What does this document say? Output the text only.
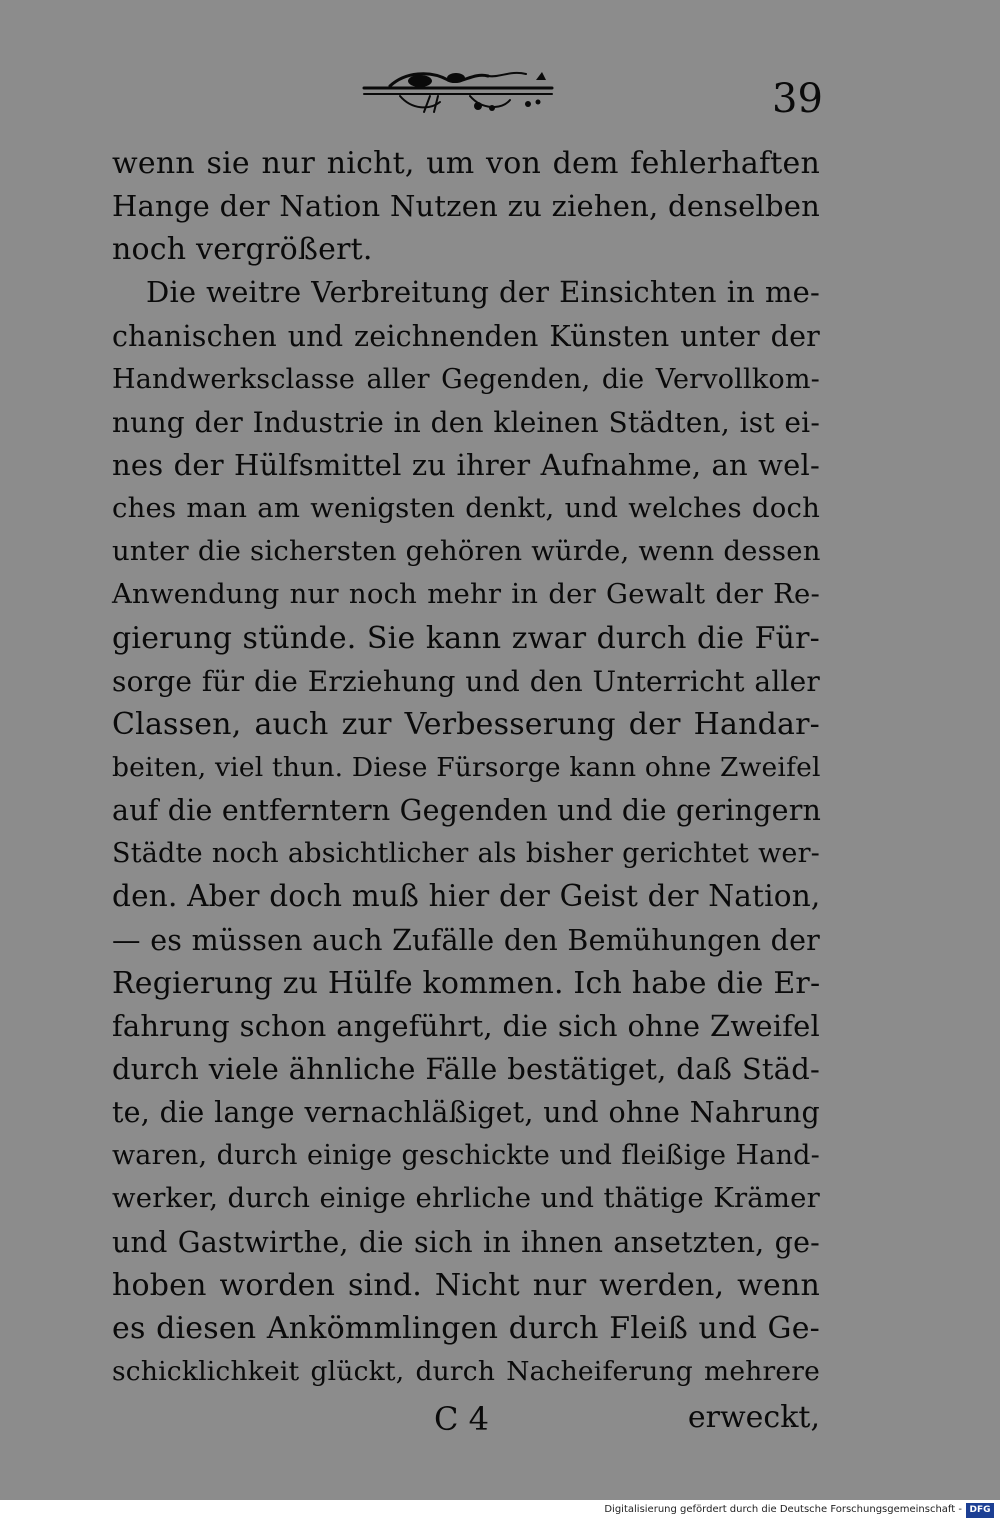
39
wenn sie nur nicht, um von dem fehlerhaften
Hange der Nation Nutzen zu ziehen, denselben
noch vergrößert.
Die weitre Verbreitung der Einsichten in me-
chanischen und zeichnenden Künsten unter der
Handwerksclasse aller Gegenden, die Vervollkom-
nung der Industrie in den kleinen Städten, ist ei-
nes der Hülfsmittel zu ihrer Aufnahme, an wel-
ches man am wenigsten denkt, und welches doch
unter die sichersten gehören würde, wenn dessen
Anwendung nur noch mehr in der Gewalt der Re-
gierung stünde. Sie kann zwar durch die Für-
sorge für die Erziehung und den Unterricht aller
Classen, auch zur Verbesserung der Handar-
beiten, viel thun. Diese Fürsorge kann ohne Zweifel
auf die entferntern Gegenden und die geringern
Städte noch absichtlicher als bisher gerichtet wer-
den. Aber doch muß hier der Geist der Nation,
— es müssen auch Zufälle den Bemühungen der
Regierung zu Hülfe kommen. Ich habe die Er-
fahrung schon angeführt, die sich ohne Zweifel
durch viele ähnliche Fälle bestätiget, daß Städ-
te, die lange vernachläßiget, und ohne Nahrung
waren, durch einige geschickte und fleißige Hand-
werker, durch einige ehrliche und thätige Krämer
und Gastwirthe, die sich in ihnen ansetzten, ge-
hoben worden sind. Nicht nur werden, wenn
es diesen Ankömmlingen durch Fleiß und Ge-
schicklichkeit glückt, durch Nacheiferung mehrere
C 4	erweckt,
Digitalisierung gefördert durch die Deutsche Forschungsgemeinschaft - DFG
